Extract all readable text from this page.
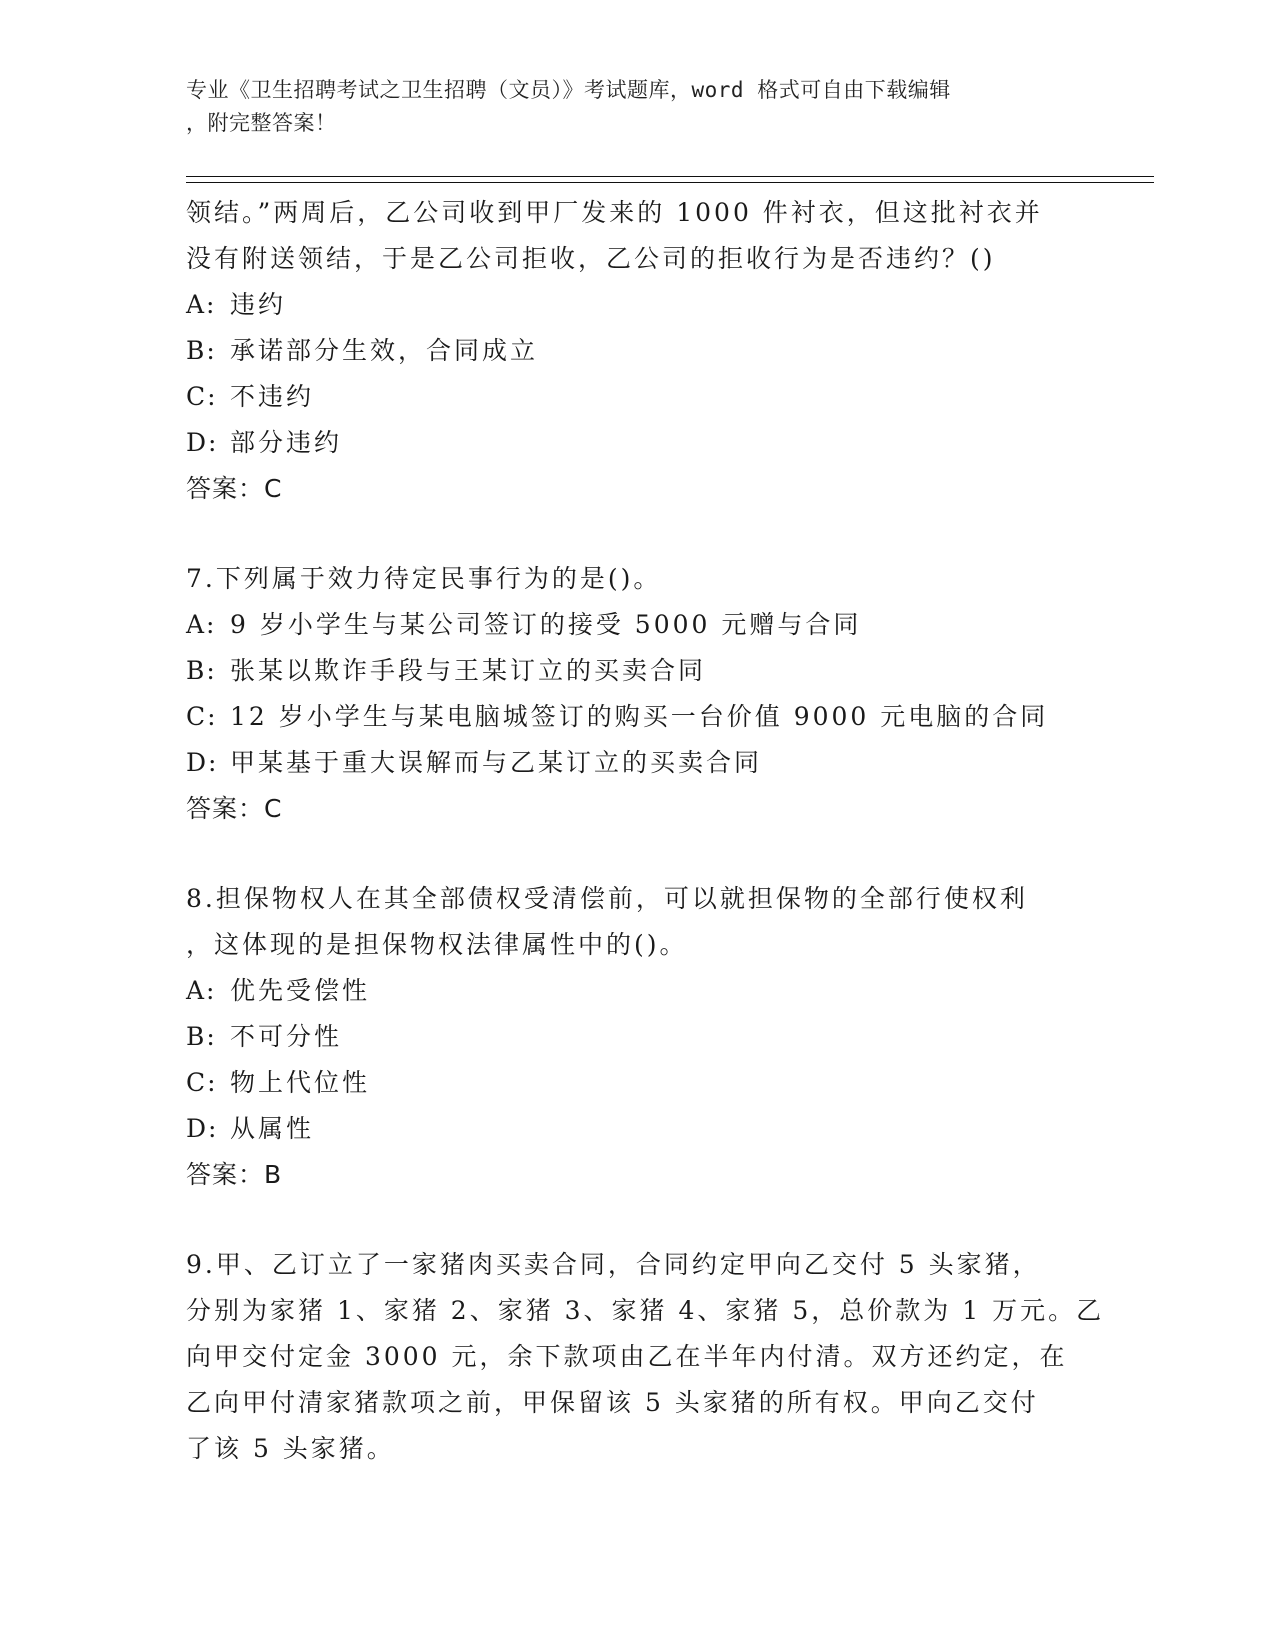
专业《卫生招聘考试之卫生招聘（文员）》考试题库，word 格式可自由下载编辑
，附完整答案！
领结。”两周后，乙公司收到甲厂发来的 1000 件衬衣，但这批衬衣并
没有附送领结，于是乙公司拒收，乙公司的拒收行为是否违约？()
A: 违约
B: 承诺部分生效，合同成立
C: 不违约
D: 部分违约
答案：C
7.下列属于效力待定民事行为的是()。
A: 9 岁小学生与某公司签订的接受 5000 元赠与合同
B: 张某以欺诈手段与王某订立的买卖合同
C: 12 岁小学生与某电脑城签订的购买一台价值 9000 元电脑的合同
D: 甲某基于重大误解而与乙某订立的买卖合同
答案：C
8.担保物权人在其全部债权受清偿前，可以就担保物的全部行使权利
，这体现的是担保物权法律属性中的()。
A: 优先受偿性
B: 不可分性
C: 物上代位性
D: 从属性
答案：B
9.甲、乙订立了一家猪肉买卖合同，合同约定甲向乙交付 5 头家猪，
分别为家猪 1、家猪 2、家猪 3、家猪 4、家猪 5，总价款为 1 万元。乙
向甲交付定金 3000 元，余下款项由乙在半年内付清。双方还约定，在
乙向甲付清家猪款项之前，甲保留该 5 头家猪的所有权。甲向乙交付
了该 5 头家猪。
